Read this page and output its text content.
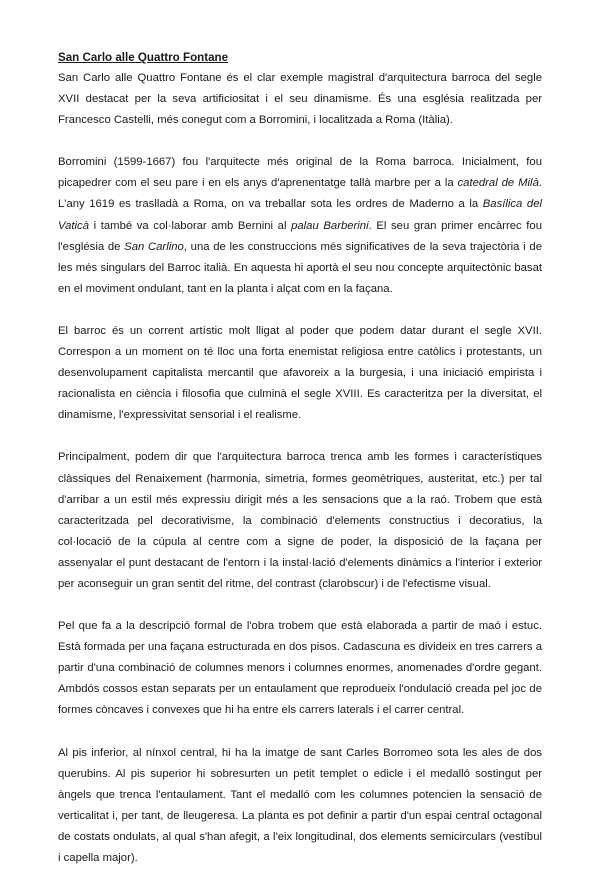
San Carlo alle Quattro Fontane

San Carlo alle Quattro Fontane és el clar exemple magistral d'arquitectura barroca del segle XVII destacat per la seva artificiositat i el seu dinamisme. És una església realitzada per Francesco Castelli, més conegut com a Borromini, i localitzada a Roma (Itàlia).

Borromini (1599-1667) fou l'arquitecte més original de la Roma barroca. Inicialment, fou picapedrer com el seu pare i en els anys d'aprenentatge tallà marbre per a la catedral de Milà. L'any 1619 es traslladà a Roma, on va treballar sota les ordres de Maderno a la Basílica del Vaticà i també va col·laborar amb Bernini al palau Barberini. El seu gran primer encàrrec fou l'església de San Carlino, una de les construccions més significatives de la seva trajectòria i de les més singulars del Barroc italià. En aquesta hi aportà el seu nou concepte arquitectònic basat en el moviment ondulant, tant en la planta i alçat com en la façana.

El barroc és un corrent artístic molt lligat al poder que podem datar durant el segle XVII. Correspon a un moment on té lloc una forta enemistat religiosa entre catòlics i protestants, un desenvolupament capitalista mercantil que afavoreix a la burgesia, i una iniciació empirista i racionalista en ciència i filosofia que culminà el segle XVIII. Es caracteritza per la diversitat, el dinamisme, l'expressivitat sensorial i el realisme.

Principalment, podem dir que l'arquitectura barroca trenca amb les formes i característiques clàssiques del Renaixement (harmonia, simetria, formes geomètriques, austeritat, etc.) per tal d'arribar a un estil més expressiu dirigit més a les sensacions que a la raó. Trobem que està caracteritzada pel decorativisme, la combinació d'elements constructius i decoratius, la col·locació de la cúpula al centre com a signe de poder, la disposició de la façana per assenyalar el punt destacant de l'entorn i la instal·lació d'elements dinàmics a l'interior i exterior per aconseguir un gran sentit del ritme, del contrast (clarobscur) i de l'efectisme visual.

Pel que fa a la descripció formal de l'obra trobem que està elaborada a partir de maó i estuc. Està formada per una façana estructurada en dos pisos. Cadascuna es divideix en tres carrers a partir d'una combinació de columnes menors i columnes enormes, anomenades d'ordre gegant. Ambdós cossos estan separats per un entaulament que reprodueix l'ondulació creada pel joc de formes còncaves i convexes que hi ha entre els carrers laterals i el carrer central.

Al pis inferior, al nínxol central, hi ha la imatge de sant Carles Borromeo sota les ales de dos querubins. Al pis superior hi sobresurten un petit templet o edicle i el medalló sostingut per àngels que trenca l'entaulament. Tant el medalló com les columnes potencien la sensació de verticalitat i, per tant, de lleugeresa. La planta es pot definir a partir d'un espai central octagonal de costats ondulats, al qual s'han afegit, a l'eix longitudinal, dos elements semicirculars (vestíbul i capella major).
